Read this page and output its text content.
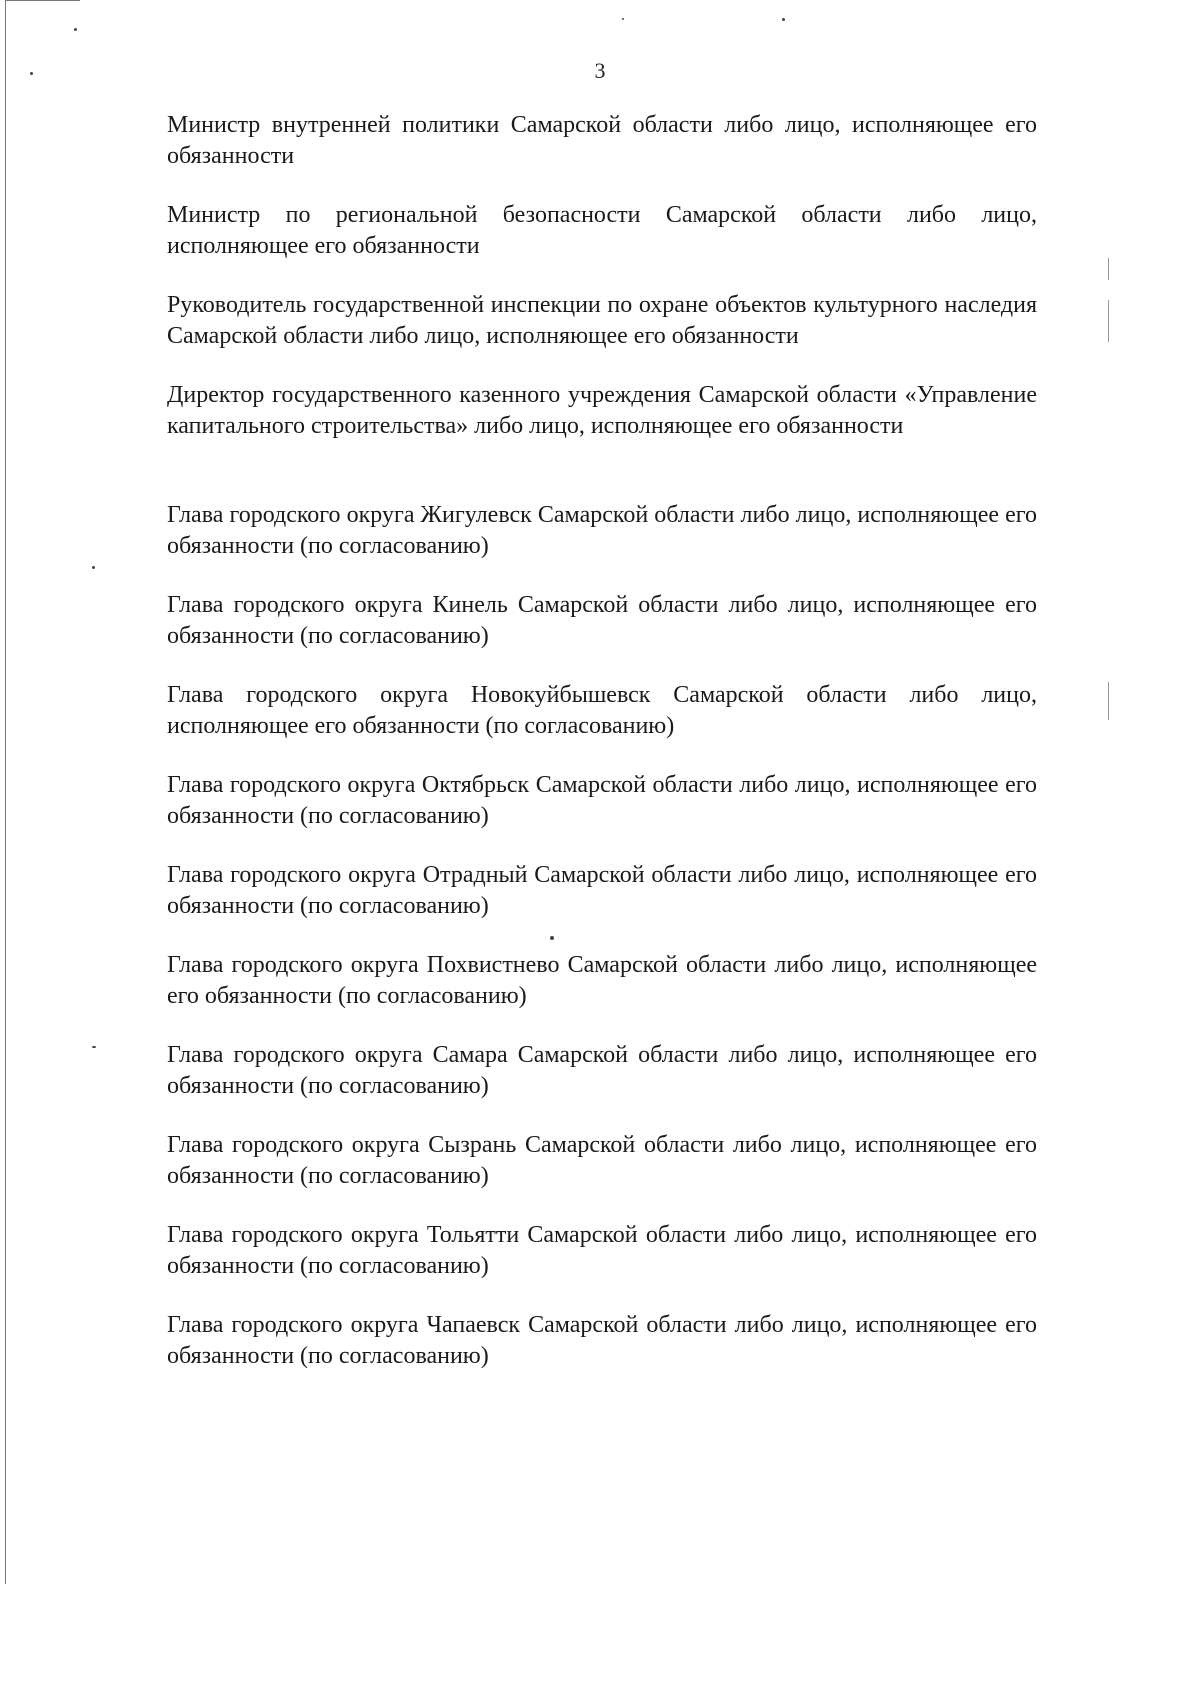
3

Министр внутренней политики Самарской области либо лицо, исполняющее его обязанности

Министр по региональной безопасности Самарской области либо лицо, исполняющее его обязанности

Руководитель государственной инспекции по охране объектов культурного наследия Самарской области либо лицо, исполняющее его обязанности

Директор государственного казенного учреждения Самарской области «Управление капитального строительства» либо лицо, исполняющее его обязанности

Глава городского округа Жигулевск Самарской области либо лицо, исполняющее его обязанности (по согласованию)

Глава городского округа Кинель Самарской области либо лицо, исполняющее его обязанности (по согласованию)

Глава городского округа Новокуйбышевск Самарской области либо лицо, исполняющее его обязанности (по согласованию)

Глава городского округа Октябрьск Самарской области либо лицо, исполняющее его обязанности (по согласованию)

Глава городского округа Отрадный Самарской области либо лицо, исполняющее его обязанности (по согласованию)

Глава городского округа Похвистнево Самарской области либо лицо, исполняющее его обязанности (по согласованию)

Глава городского округа Самара Самарской области либо лицо, исполняющее его обязанности (по согласованию)

Глава городского округа Сызрань Самарской области либо лицо, исполняющее его обязанности (по согласованию)

Глава городского округа Тольятти Самарской области либо лицо, исполняющее его обязанности (по согласованию)

Глава городского округа Чапаевск Самарской области либо лицо, исполняющее его обязанности (по согласованию)
